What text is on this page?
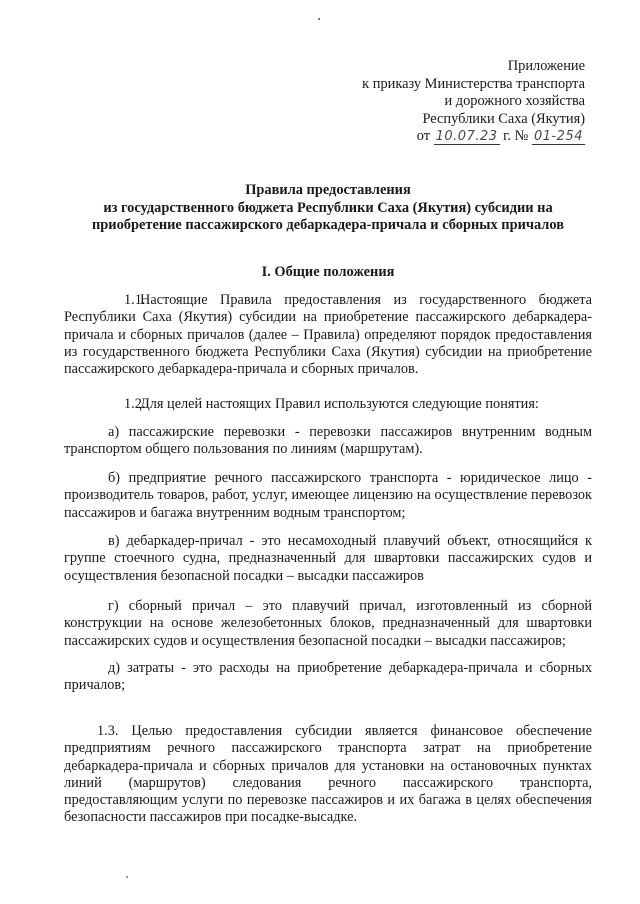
Приложение
к приказу Министерства транспорта
и дорожного хозяйства
Республики Саха (Якутия)
от 10.07.23 г. № 01-254
Правила предоставления
из государственного бюджета Республики Саха (Якутия) субсидии на
приобретение пассажирского дебаркадера-причала и сборных причалов
I. Общие положения
1.1.Настоящие Правила предоставления из государственного бюджета Республики Саха (Якутия) субсидии на приобретение пассажирского дебаркадера-причала и сборных причалов (далее – Правила) определяют порядок предоставления из государственного бюджета Республики Саха (Якутия) субсидии на приобретение пассажирского дебаркадера-причала и сборных причалов.
1.2.Для целей настоящих Правил используются следующие понятия:
а) пассажирские перевозки - перевозки пассажиров внутренним водным транспортом общего пользования по линиям (маршрутам).
б) предприятие речного пассажирского транспорта - юридическое лицо - производитель товаров, работ, услуг, имеющее лицензию на осуществление перевозок пассажиров и багажа внутренним водным транспортом;
в) дебаркадер-причал - это несамоходный плавучий объект, относящийся к группе стоечного судна, предназначенный для швартовки пассажирских судов и осуществления безопасной посадки – высадки пассажиров
г) сборный причал – это плавучий причал, изготовленный из сборной конструкции на основе железобетонных блоков, предназначенный для швартовки пассажирских судов и осуществления безопасной посадки – высадки пассажиров;
д) затраты - это расходы на приобретение дебаркадера-причала и сборных причалов;
1.3. Целью предоставления субсидии является финансовое обеспечение предприятиям речного пассажирского транспорта затрат на приобретение дебаркадера-причала и сборных причалов для установки на остановочных пунктах линий (маршрутов) следования речного пассажирского транспорта, предоставляющим услуги по перевозке пассажиров и их багажа в целях обеспечения безопасности пассажиров при посадке-высадке.
